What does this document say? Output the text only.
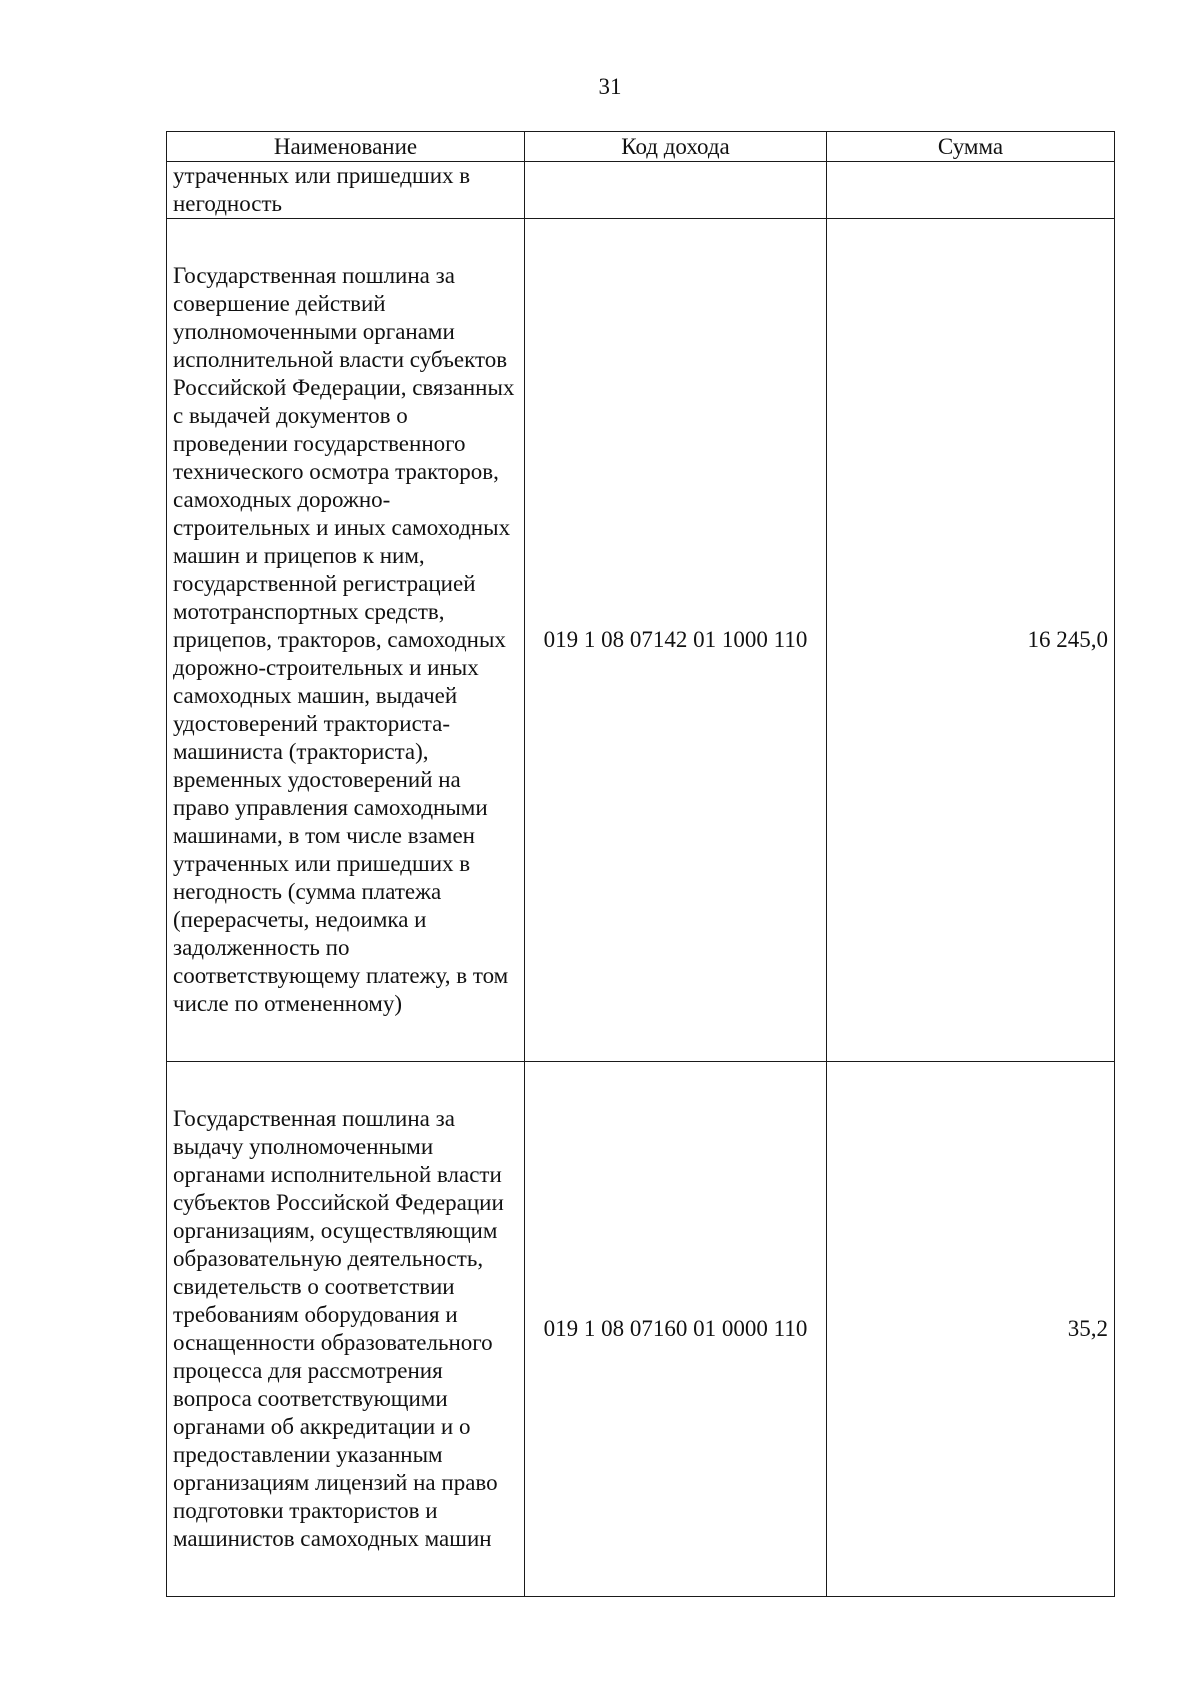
31
Наименование	Код дохода	Сумма
утраченных или пришедших в негодность		
Государственная пошлина за совершение действий уполномоченными органами исполнительной власти субъектов Российской Федерации, связанных с выдачей документов о проведении государственного технического осмотра тракторов, самоходных дорожно-строительных и иных самоходных машин и прицепов к ним, государственной регистрацией мототранспортных средств, прицепов, тракторов, самоходных дорожно-строительных и иных самоходных машин, выдачей удостоверений тракториста-машиниста (тракториста), временных удостоверений на право управления самоходными машинами, в том числе взамен утраченных или пришедших в негодность (сумма платежа (перерасчеты, недоимка и задолженность по соответствующему платежу, в том числе по отмененному)	019 1 08 07142 01 1000 110	16 245,0
Государственная пошлина за выдачу уполномоченными органами исполнительной власти субъектов Российской Федерации организациям, осуществляющим образовательную деятельность, свидетельств о соответствии требованиям оборудования и оснащенности образовательного процесса для рассмотрения вопроса соответствующими органами об аккредитации и о предоставлении указанным организациям лицензий на право подготовки трактористов и машинистов самоходных машин	019 1 08 07160 01 0000 110	35,2
